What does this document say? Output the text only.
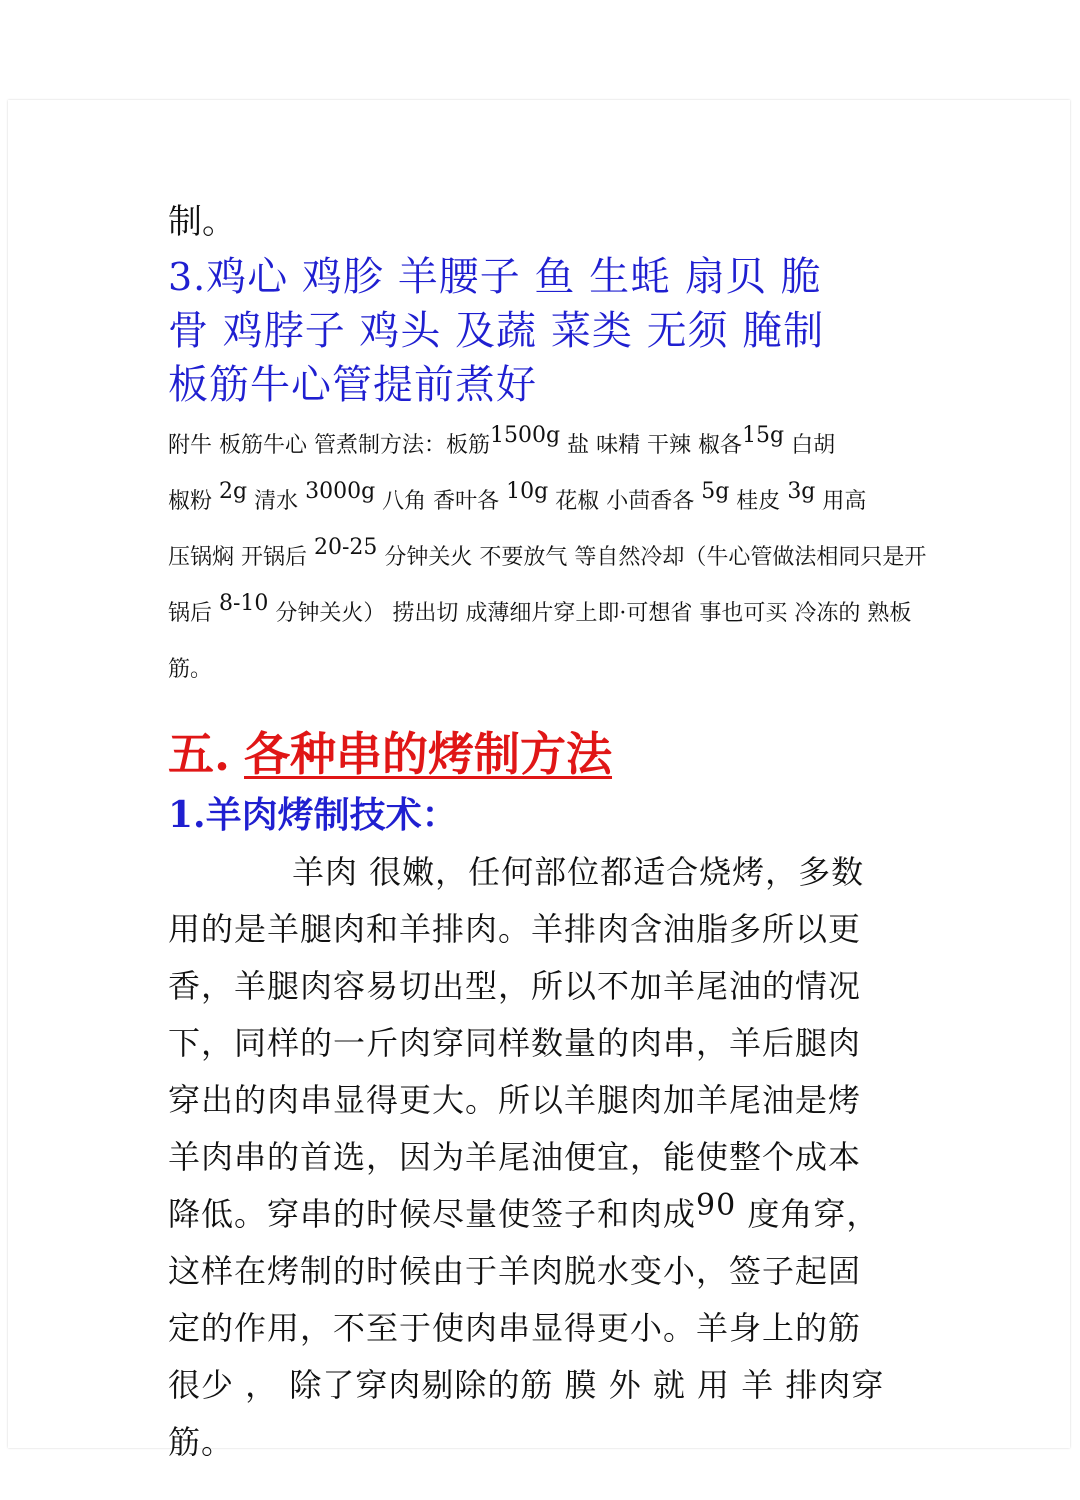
制。
3.鸡心 鸡胗 羊腰子 鱼 生蚝 扇贝 脆
骨 鸡脖子 鸡头 及蔬 菜类 无须 腌制
板筋牛心管提前煮好
附牛 板筋牛心 管煮制方法：板筋$^{1500g}$ 盐 味精 干辣 椒各$^{15g}$ 白胡
椒粉 $^{2g}$ 清水 $^{3000g}$ 八角 香叶各 $^{10g}$ 花椒 小茴香各 $^{5g}$ 桂皮 $^{3g}$ 用高
压锅焖 开锅后 $^{20-25}$ 分钟关火 不要放气 等自然冷却（牛心管做法相同只是开
锅后 $^{8-10}$ 分钟关火） 捞出切 成薄细片穿上即·可想省 事也可买 冷冻的 熟板
筋。
五. 各种串的烤制方法
1.羊肉烤制技术：
羊肉 很嫩，任何部位都适合烧烤，多数
用的是羊腿肉和羊排肉。羊排肉含油脂多所以更
香，羊腿肉容易切出型，所以不加羊尾油的情况
下，同样的一斤肉穿同样数量的肉串，羊后腿肉
穿出的肉串显得更大。所以羊腿肉加羊尾油是烤
羊肉串的首选，因为羊尾油便宜，能使整个成本
降低。穿串的时候尽量使签子和肉成$^{90}$ 度角穿，
这样在烤制的时候由于羊肉脱水变小，签子起固
定的作用，不至于使肉串显得更小。羊身上的筋
很少 ， 除了穿肉剔除的筋 膜 外 就 用 羊 排肉穿
筋。
